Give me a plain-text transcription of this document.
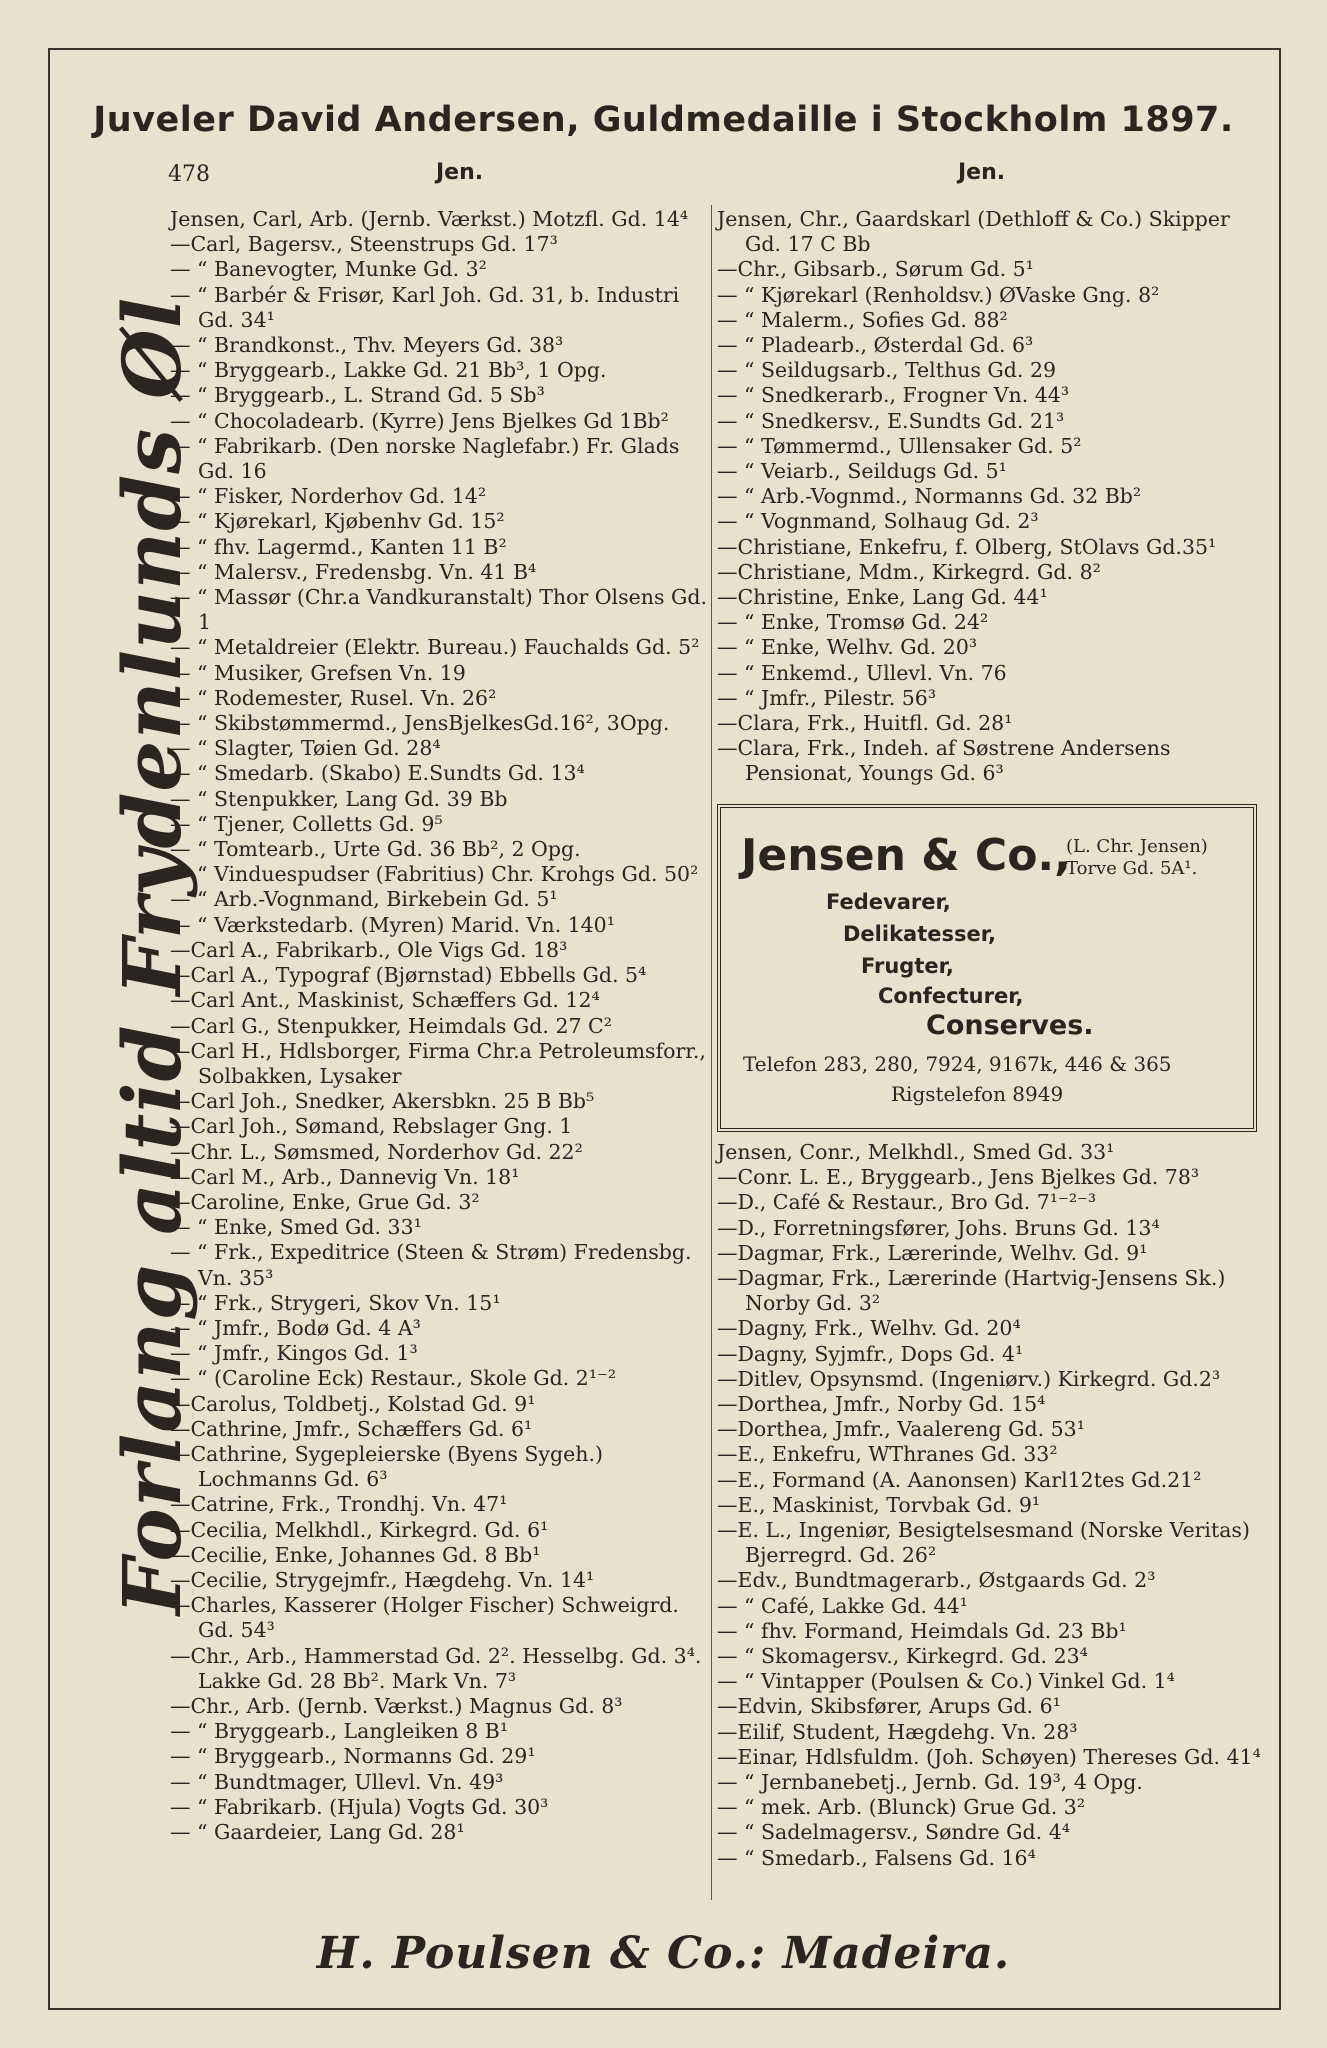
Juveler David Andersen, Guldmedaille i Stockholm 1897.
478	Jen.	Jen.
Forlang altid Frydenlunds Øl
Jensen, Carl, Arb. (Jernb. Værkst.) Motzfl. Gd. 14⁴
—Carl, Bagersv., Steenstrups Gd. 17³
— “ Banevogter, Munke Gd. 3²
— “ Barbér & Frisør, Karl Joh. Gd. 31, b. Industri Gd. 34¹
— “ Brandkonst., Thv. Meyers Gd. 38³
— “ Bryggearb., Lakke Gd. 21 Bb³, 1 Opg.
— “ Bryggearb., L. Strand Gd. 5 Sb³
— “ Chocoladearb. (Kyrre) Jens Bjelkes Gd 1Bb²
— “ Fabrikarb. (Den norske Naglefabr.) Fr. Glads Gd. 16
— “ Fisker, Norderhov Gd. 14²
— “ Kjørekarl, Kjøbenhv Gd. 15²
— “ fhv. Lagermd., Kanten 11 B²
— “ Malersv., Fredensbg. Vn. 41 B⁴
— “ Massør (Chr.a Vandkuranstalt) Thor Olsens Gd. 1
— “ Metaldreier (Elektr. Bureau.) Fauchalds Gd. 5²
— “ Musiker, Grefsen Vn. 19
— “ Rodemester, Rusel. Vn. 26²
— “ Skibstømmermd., JensBjelkesGd.16², 3Opg.
— “ Slagter, Tøien Gd. 28⁴
— “ Smedarb. (Skabo) E.Sundts Gd. 13⁴
— “ Stenpukker, Lang Gd. 39 Bb
— “ Tjener, Colletts Gd. 9⁵
— “ Tomtearb., Urte Gd. 36 Bb², 2 Opg.
— “ Vinduespudser (Fabritius) Chr. Krohgs Gd. 50²
— “ Arb.-Vognmand, Birkebein Gd. 5¹
— “ Værkstedarb. (Myren) Marid. Vn. 140¹
—Carl A., Fabrikarb., Ole Vigs Gd. 18³
—Carl A., Typograf (Bjørnstad) Ebbells Gd. 5⁴
—Carl Ant., Maskinist, Schæffers Gd. 12⁴
—Carl G., Stenpukker, Heimdals Gd. 27 C²
—Carl H., Hdlsborger, Firma Chr.a Petroleumsforr., Solbakken, Lysaker
—Carl Joh., Snedker, Akersbkn. 25 B Bb⁵
—Carl Joh., Sømand, Rebslager Gng. 1
—Chr. L., Sømsmed, Norderhov Gd. 22²
—Carl M., Arb., Dannevig Vn. 18¹
—Caroline, Enke, Grue Gd. 3²
— “ Enke, Smed Gd. 33¹
— “ Frk., Expeditrice (Steen & Strøm) Fredensbg. Vn. 35³
— “ Frk., Strygeri, Skov Vn. 15¹
— “ Jmfr., Bodø Gd. 4 A³
— “ Jmfr., Kingos Gd. 1³
— “ (Caroline Eck) Restaur., Skole Gd. 2¹⁻²
—Carolus, Toldbetj., Kolstad Gd. 9¹
—Cathrine, Jmfr., Schæffers Gd. 6¹
—Cathrine, Sygepleierske (Byens Sygeh.) Lochmanns Gd. 6³
—Catrine, Frk., Trondhj. Vn. 47¹
—Cecilia, Melkhdl., Kirkegrd. Gd. 6¹
—Cecilie, Enke, Johannes Gd. 8 Bb¹
—Cecilie, Strygejmfr., Hægdehg. Vn. 14¹
—Charles, Kasserer (Holger Fischer) Schweigrd. Gd. 54³
—Chr., Arb., Hammerstad Gd. 2². Hesselbg. Gd. 3⁴. Lakke Gd. 28 Bb². Mark Vn. 7³
—Chr., Arb. (Jernb. Værkst.) Magnus Gd. 8³
— “ Bryggearb., Langleiken 8 B¹
— “ Bryggearb., Normanns Gd. 29¹
— “ Bundtmager, Ullevl. Vn. 49³
— “ Fabrikarb. (Hjula) Vogts Gd. 30³
— “ Gaardeier, Lang Gd. 28¹
Jensen, Chr., Gaardskarl (Dethloff & Co.) Skipper Gd. 17 C Bb
—Chr., Gibsarb., Sørum Gd. 5¹
— “ Kjørekarl (Renholdsv.) ØVaske Gng. 8²
— “ Malerm., Sofies Gd. 88²
— “ Pladearb., Østerdal Gd. 6³
— “ Seildugsarb., Telthus Gd. 29
— “ Snedkerarb., Frogner Vn. 44³
— “ Snedkersv., E.Sundts Gd. 21³
— “ Tømmermd., Ullensaker Gd. 5²
— “ Veiarb., Seildugs Gd. 5¹
— “ Arb.-Vognmd., Normanns Gd. 32 Bb²
— “ Vognmand, Solhaug Gd. 2³
—Christiane, Enkefru, f. Olberg, StOlavs Gd.35¹
—Christiane, Mdm., Kirkegrd. Gd. 8²
—Christine, Enke, Lang Gd. 44¹
— “ Enke, Tromsø Gd. 24²
— “ Enke, Welhv. Gd. 20³
— “ Enkemd., Ullevl. Vn. 76
— “ Jmfr., Pilestr. 56³
—Clara, Frk., Huitfl. Gd. 28¹
—Clara, Frk., Indeh. af Søstrene Andersens Pensionat, Youngs Gd. 6³
Jensen & Co.,
(L. Chr. Jensen)
Torve Gd. 5A¹.
Fedevarer,
Delikatesser,
Frugter,
Confecturer,
Conserves.
Telefon 283, 280, 7924, 9167k, 446 & 365
Rigstelefon 8949
Jensen, Conr., Melkhdl., Smed Gd. 33¹
—Conr. L. E., Bryggearb., Jens Bjelkes Gd. 78³
—D., Café & Restaur., Bro Gd. 7¹⁻²⁻³
—D., Forretningsfører, Johs. Bruns Gd. 13⁴
—Dagmar, Frk., Lærerinde, Welhv. Gd. 9¹
—Dagmar, Frk., Lærerinde (Hartvig-Jensens Sk.) Norby Gd. 3²
—Dagny, Frk., Welhv. Gd. 20⁴
—Dagny, Syjmfr., Dops Gd. 4¹
—Ditlev, Opsynsmd. (Ingeniørv.) Kirkegrd. Gd.2³
—Dorthea, Jmfr., Norby Gd. 15⁴
—Dorthea, Jmfr., Vaalereng Gd. 53¹
—E., Enkefru, WThranes Gd. 33²
—E., Formand (A. Aanonsen) Karl12tes Gd.21²
—E., Maskinist, Torvbak Gd. 9¹
—E. L., Ingeniør, Besigtelsesmand (Norske Veritas) Bjerregrd. Gd. 26²
—Edv., Bundtmagerarb., Østgaards Gd. 2³
— “ Café, Lakke Gd. 44¹
— “ fhv. Formand, Heimdals Gd. 23 Bb¹
— “ Skomagersv., Kirkegrd. Gd. 23⁴
— “ Vintapper (Poulsen & Co.) Vinkel Gd. 1⁴
—Edvin, Skibsfører, Arups Gd. 6¹
—Eilif, Student, Hægdehg. Vn. 28³
—Einar, Hdlsfuldm. (Joh. Schøyen) Thereses Gd. 41⁴
— “ Jernbanebetj., Jernb. Gd. 19³, 4 Opg.
— “ mek. Arb. (Blunck) Grue Gd. 3²
— “ Sadelmagersv., Søndre Gd. 4⁴
— “ Smedarb., Falsens Gd. 16⁴
H. Poulsen & Co.: Madeira.
